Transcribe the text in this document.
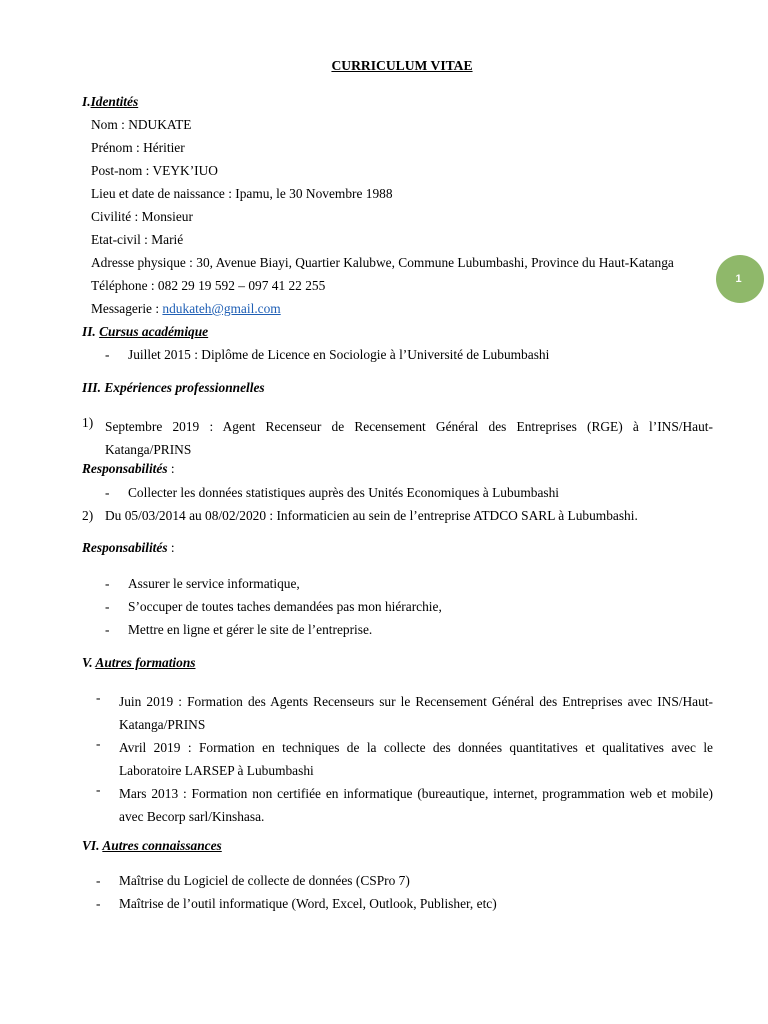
CURRICULUM VITAE
I.Identités
Nom : NDUKATE
Prénom : Héritier
Post-nom : VEYK’IUO
Lieu et date de naissance : Ipamu, le 30 Novembre 1988
Civilité : Monsieur
Etat-civil : Marié
Adresse physique : 30, Avenue Biayi, Quartier Kalubwe, Commune Lubumbashi, Province du Haut-Katanga
Téléphone : 082 29 19 592 – 097 41 22 255
Messagerie : ndukateh@gmail.com
1
II. Cursus académique
- Juillet 2015 : Diplôme de Licence en Sociologie à l’Université de Lubumbashi
III. Expériences professionnelles
1) Septembre 2019 : Agent Recenseur de Recensement Général des Entreprises (RGE) à l’INS/Haut-Katanga/PRINS
Responsabilités :
- Collecter les données statistiques auprès des Unités Economiques à Lubumbashi
2) Du 05/03/2014 au 08/02/2020 : Informaticien au sein de l’entreprise ATDCO SARL à Lubumbashi.
Responsabilités :
- Assurer le service informatique,
- S’occuper de toutes taches demandées pas mon hiérarchie,
- Mettre en ligne et gérer le site de l’entreprise.
V. Autres formations
- Juin 2019 : Formation des Agents Recenseurs sur le Recensement Général des Entreprises avec INS/Haut-Katanga/PRINS
- Avril 2019 : Formation en techniques de la collecte des données quantitatives et qualitatives avec le Laboratoire LARSEP à Lubumbashi
- Mars 2013 : Formation non certifiée en informatique (bureautique, internet, programmation web et mobile) avec Becorp sarl/Kinshasa.
VI. Autres connaissances
- Maîtrise du Logiciel de collecte de données (CSPro 7)
- Maîtrise de l’outil informatique (Word, Excel, Outlook, Publisher, etc)
